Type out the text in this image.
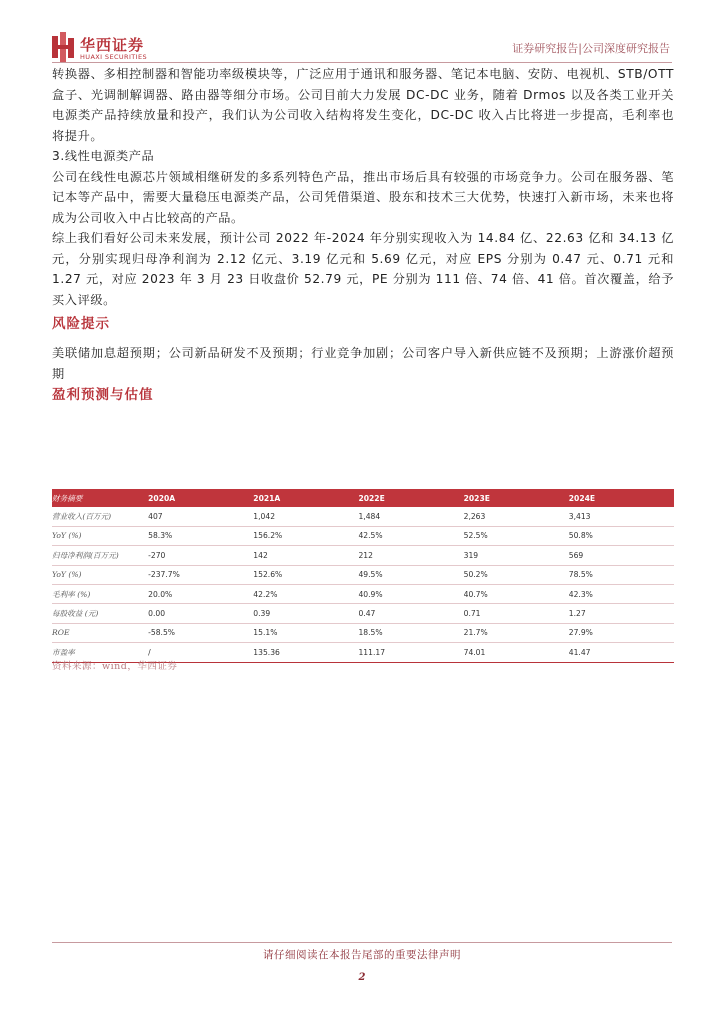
华西证券
HUAXI SECURITIES
证券研究报告|公司深度研究报告

转换器、多相控制器和智能功率级模块等，广泛应用于通讯和服务器、笔记本电脑、安防、电视机、STB/OTT 盒子、光调制解调器、路由器等细分市场。公司目前大力发展 DC-DC 业务，随着 Drmos 以及各类工业开关电源类产品持续放量和投产，我们认为公司收入结构将发生变化，DC-DC 收入占比将进一步提高，毛利率也将提升。

3.线性电源类产品

公司在线性电源芯片领域相继研发的多系列特色产品，推出市场后具有较强的市场竞争力。公司在服务器、笔记本等产品中，需要大量稳压电源类产品，公司凭借渠道、股东和技术三大优势，快速打入新市场，未来也将成为公司收入中占比较高的产品。

综上我们看好公司未来发展，预计公司 2022 年-2024 年分别实现收入为 14.84 亿、22.63 亿和 34.13 亿元，分别实现归母净利润为 2.12 亿元、3.19 亿元和 5.69 亿元，对应 EPS 分别为 0.47 元、0.71 元和 1.27 元，对应 2023 年 3 月 23 日收盘价 52.79 元，PE 分别为 111 倍、74 倍、41 倍。首次覆盖，给予买入评级。

风险提示

美联储加息超预期；公司新品研发不及预期；行业竞争加剧；公司客户导入新供应链不及预期；上游涨价超预期

盈利预测与估值
财务摘要	2020A	2021A	2022E	2023E	2024E
营业收入(百万元)	407	1,042	1,484	2,263	3,413
YoY (%)	58.3%	156.2%	42.5%	52.5%	50.8%
归母净利润(百万元)	-270	142	212	319	569
YoY (%)	-237.7%	152.6%	49.5%	50.2%	78.5%
毛利率 (%)	20.0%	42.2%	40.9%	40.7%	42.3%
每股收益 (元)	0.00	0.39	0.47	0.71	1.27
ROE	-58.5%	15.1%	18.5%	21.7%	27.9%
市盈率	/	135.36	111.17	74.01	41.47
资料来源：wind，华西证券
请仔细阅读在本报告尾部的重要法律声明
2
